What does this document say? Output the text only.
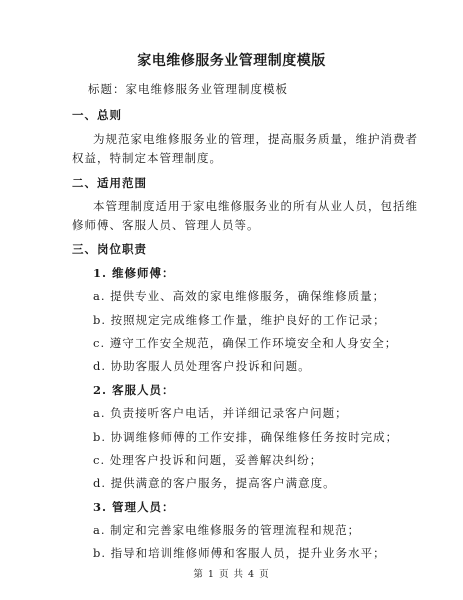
家电维修服务业管理制度模版
标题：家电维修服务业管理制度模板
一、总则
为规范家电维修服务业的管理，提高服务质量，维护消费者
权益，特制定本管理制度。
二、适用范围
本管理制度适用于家电维修服务业的所有从业人员，包括维
修师傅、客服人员、管理人员等。
三、岗位职责
1. 维修师傅：
a. 提供专业、高效的家电维修服务，确保维修质量；
b. 按照规定完成维修工作量，维护良好的工作记录；
c. 遵守工作安全规范，确保工作环境安全和人身安全；
d. 协助客服人员处理客户投诉和问题。
2. 客服人员：
a. 负责接听客户电话，并详细记录客户问题；
b. 协调维修师傅的工作安排，确保维修任务按时完成；
c. 处理客户投诉和问题，妥善解决纠纷；
d. 提供满意的客户服务，提高客户满意度。
3. 管理人员：
a. 制定和完善家电维修服务的管理流程和规范；
b. 指导和培训维修师傅和客服人员，提升业务水平；
第 1 页 共 4 页
